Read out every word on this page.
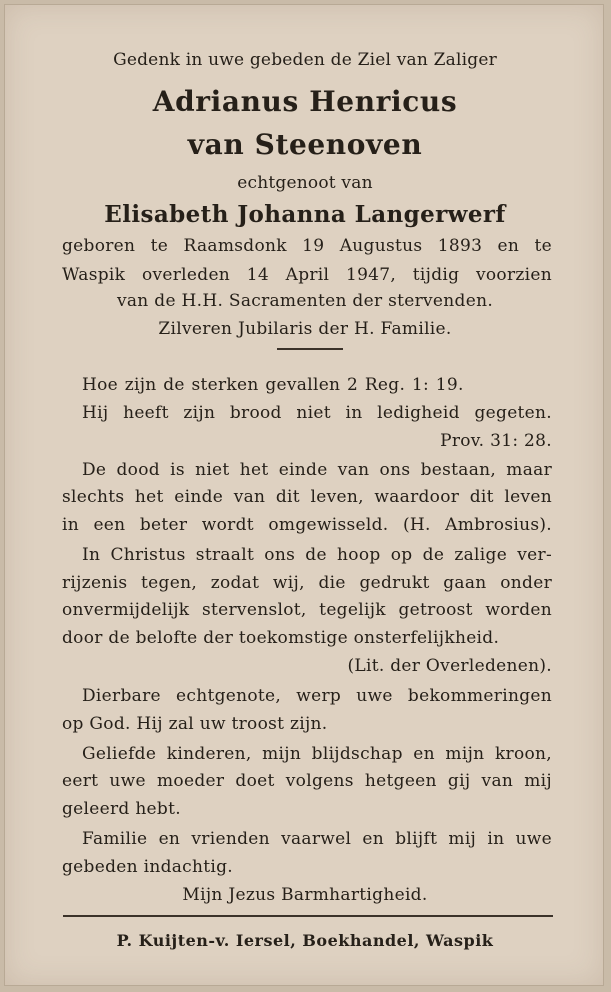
Gedenk in uwe gebeden de Ziel van Zaliger
Adrianus Henricus
van Steenoven
echtgenoot van
Elisabeth Johanna Langerwerf
geboren te Raamsdonk 19 Augustus 1893 en te
Waspik overleden 14 April 1947, tijdig voorzien
van de H.H. Sacramenten der stervenden.
Zilveren Jubilaris der H. Familie.
Hoe zijn de sterken gevallen 2 Reg. 1: 19.
Hij heeft zijn brood niet in ledigheid gegeten.
Prov. 31: 28.
De dood is niet het einde van ons bestaan, maar
slechts het einde van dit leven, waardoor dit leven
in een beter wordt omgewisseld. (H. Ambrosius).
In Christus straalt ons de hoop op de zalige ver-
rijzenis tegen, zodat wij, die gedrukt gaan onder
onvermijdelijk stervenslot, tegelijk getroost worden
door de belofte der toekomstige onsterfelijkheid.
(Lit. der Overledenen).
Dierbare echtgenote, werp uwe bekommeringen
op God. Hij zal uw troost zijn.
Geliefde kinderen, mijn blijdschap en mijn kroon,
eert uwe moeder doet volgens hetgeen gij van mij
geleerd hebt.
Familie en vrienden vaarwel en blijft mij in uwe
gebeden indachtig.
Mijn Jezus Barmhartigheid.
P. Kuijten-v. Iersel, Boekhandel, Waspik
